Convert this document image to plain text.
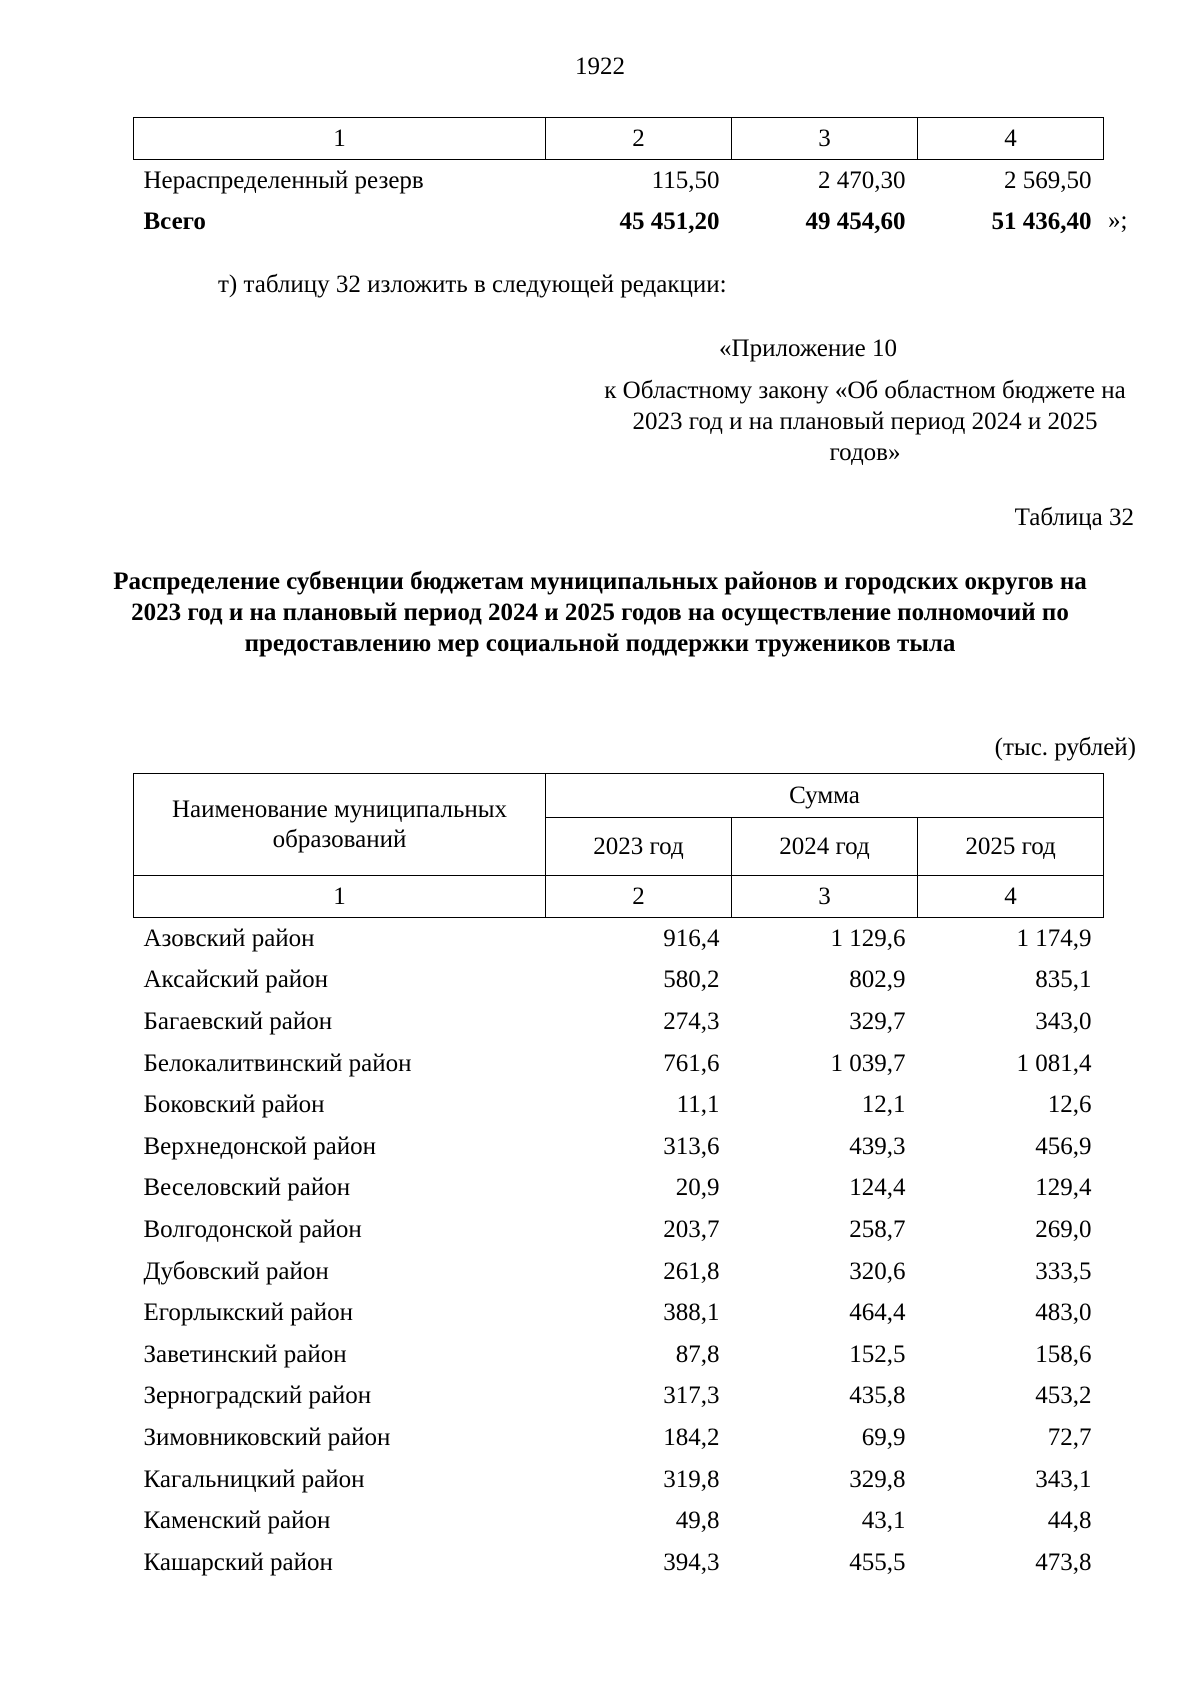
1922
1	2	3	4
Нераспределенный резерв	115,50	2 470,30	2 569,50
Всего	45 451,20	49 454,60	51 436,40 »;
т) таблицу 32 изложить в следующей редакции:
«Приложение 10
к Областному закону «Об областном бюджете на 2023 год и на плановый период 2024 и 2025 годов»
Таблица 32
Распределение субвенции бюджетам муниципальных районов и городских округов на 2023 год и на плановый период 2024 и 2025 годов на осуществление полномочий по предоставлению мер социальной поддержки тружеников тыла
(тыс. рублей)
Наименование муниципальных образований	Сумма		
	2023 год	2024 год	2025 год
1	2	3	4
Азовский район	916,4	1 129,6	1 174,9
Аксайский район	580,2	802,9	835,1
Багаевский район	274,3	329,7	343,0
Белокалитвинский район	761,6	1 039,7	1 081,4
Боковский район	11,1	12,1	12,6
Верхнедонской район	313,6	439,3	456,9
Веселовский район	20,9	124,4	129,4
Волгодонской район	203,7	258,7	269,0
Дубовский район	261,8	320,6	333,5
Егорлыкский район	388,1	464,4	483,0
Заветинский район	87,8	152,5	158,6
Зерноградский район	317,3	435,8	453,2
Зимовниковский район	184,2	69,9	72,7
Кагальницкий район	319,8	329,8	343,1
Каменский район	49,8	43,1	44,8
Кашарский район	394,3	455,5	473,8
